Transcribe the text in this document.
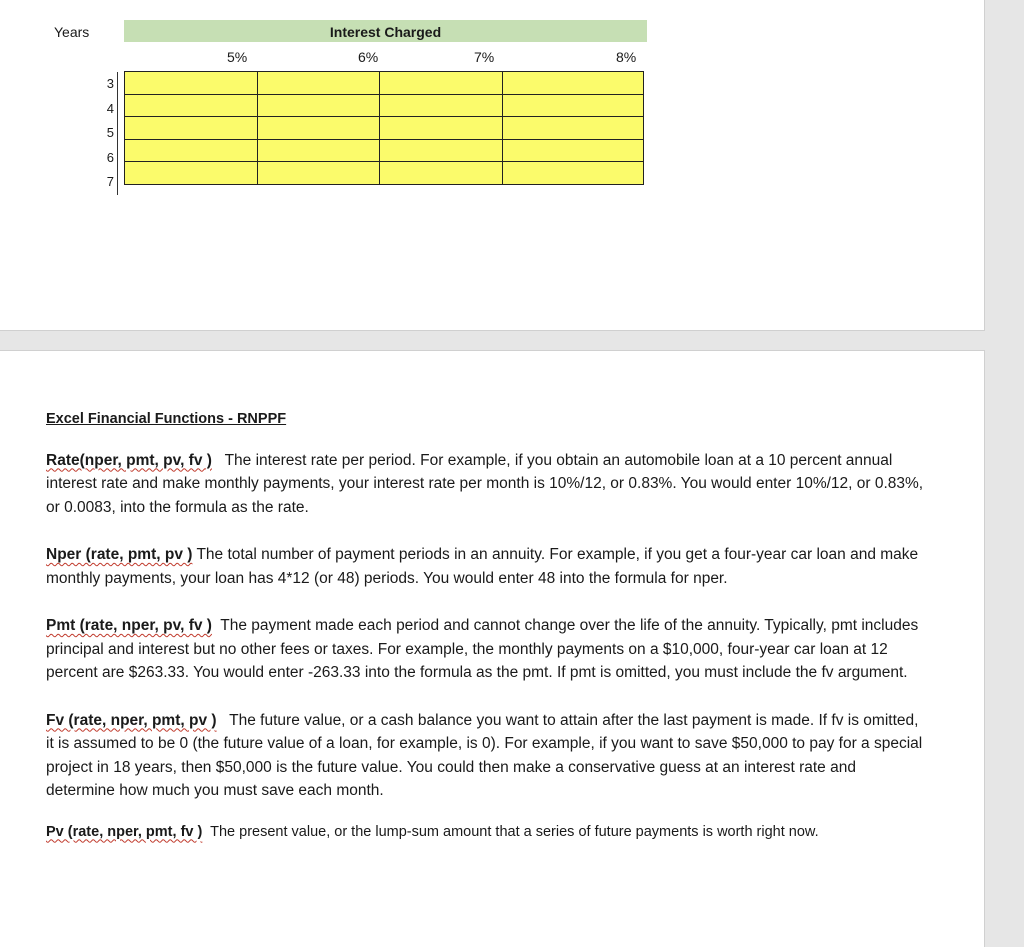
Years	Interest Charged
5%	6%	7%	8%
3
4
5
6
7

Excel Financial Functions - RNPPF
Rate(nper, pmt, pv, fv ) The interest rate per period. For example, if you obtain an automobile loan at a 10 percent annual interest rate and make monthly payments, your interest rate per month is 10%/12, or 0.83%. You would enter 10%/12, or 0.83%, or 0.0083, into the formula as the rate.
Nper (rate, pmt, pv ) The total number of payment periods in an annuity. For example, if you get a four-year car loan and make monthly payments, your loan has 4*12 (or 48) periods. You would enter 48 into the formula for nper.
Pmt (rate, nper, pv, fv ) The payment made each period and cannot change over the life of the annuity. Typically, pmt includes principal and interest but no other fees or taxes. For example, the monthly payments on a $10,000, four-year car loan at 12 percent are $263.33. You would enter -263.33 into the formula as the pmt. If pmt is omitted, you must include the fv argument.
Fv (rate, nper, pmt, pv ) The future value, or a cash balance you want to attain after the last payment is made. If fv is omitted, it is assumed to be 0 (the future value of a loan, for example, is 0). For example, if you want to save $50,000 to pay for a special project in 18 years, then $50,000 is the future value. You could then make a conservative guess at an interest rate and determine how much you must save each month.
Pv (rate, nper, pmt, fv ) The present value, or the lump-sum amount that a series of future payments is worth right now.
